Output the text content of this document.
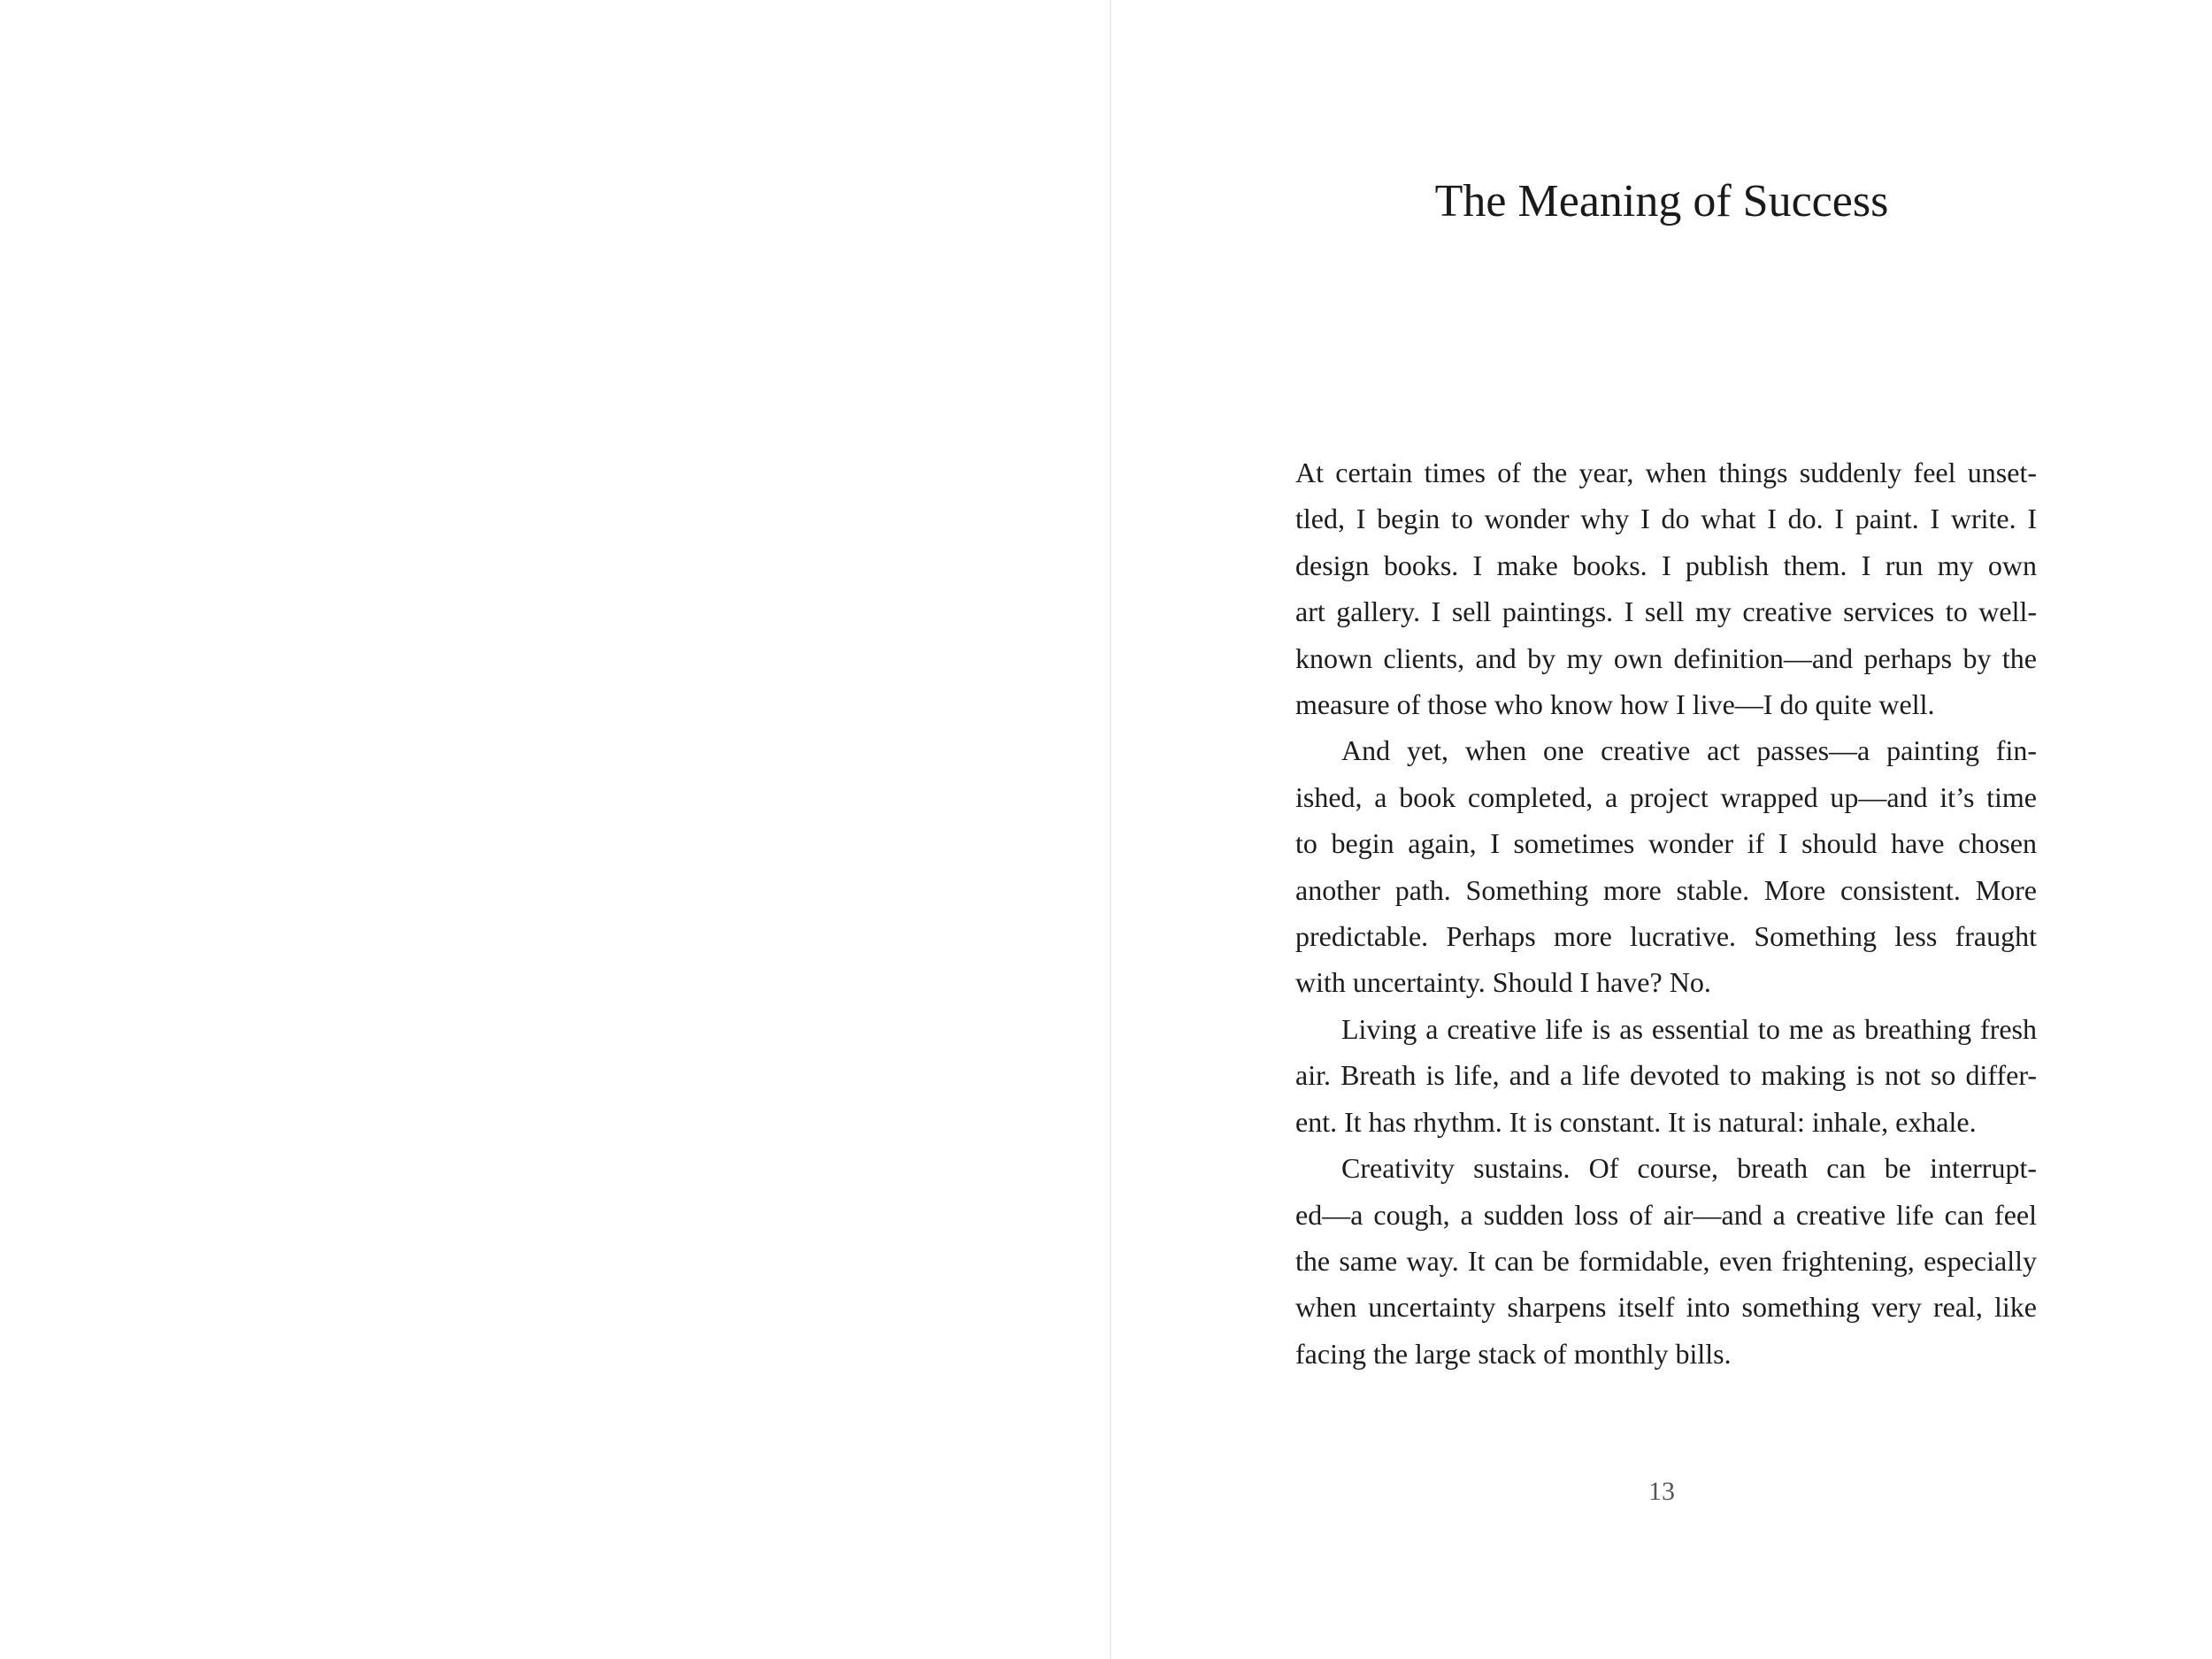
The Meaning of Success

At certain times of the year, when things suddenly feel unset-
tled, I begin to wonder why I do what I do. I paint. I write. I
design books. I make books. I publish them. I run my own
art gallery. I sell paintings. I sell my creative services to well-
known clients, and by my own definition—and perhaps by the
measure of those who know how I live—I do quite well.

And yet, when one creative act passes—a painting fin-
ished, a book completed, a project wrapped up—and it’s time
to begin again, I sometimes wonder if I should have chosen
another path. Something more stable. More consistent. More
predictable. Perhaps more lucrative. Something less fraught
with uncertainty. Should I have? No.

Living a creative life is as essential to me as breathing fresh
air. Breath is life, and a life devoted to making is not so differ-
ent. It has rhythm. It is constant. It is natural: inhale, exhale.

Creativity sustains. Of course, breath can be interrupt-
ed—a cough, a sudden loss of air—and a creative life can feel
the same way. It can be formidable, even frightening, especially
when uncertainty sharpens itself into something very real, like
facing the large stack of monthly bills.

13
